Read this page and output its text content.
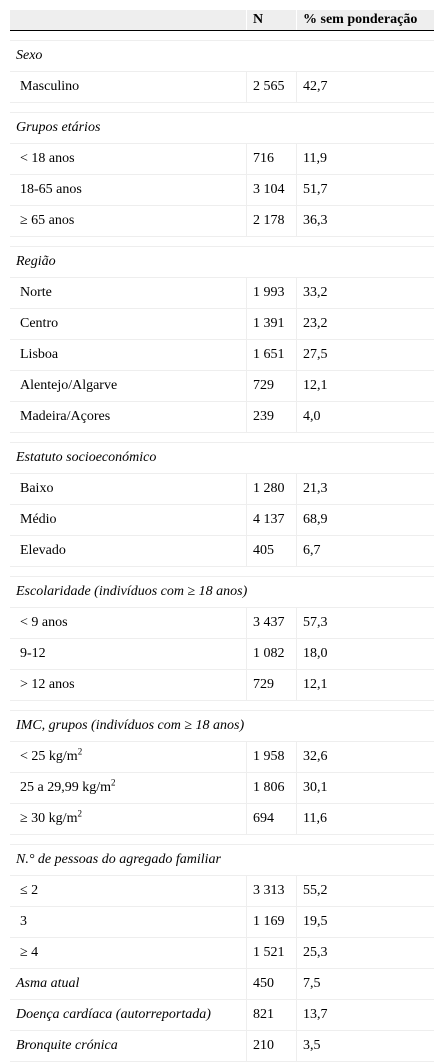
N	% sem ponderação
Sexo
Masculino	2 565 42,7
Grupos etários
< 18 anos	716 11,9
18-65 anos	3 104 51,7
≥ 65 anos	2 178 36,3
Região
Norte	1 993 33,2
Centro	1 391 23,2
Lisboa	1 651 27,5
Alentejo/Algarve	729 12,1
Madeira/Açores	239 4,0
Estatuto socioeconómico
Baixo	1 280 21,3
Médio	4 137 68,9
Elevado	405 6,7
Escolaridade (indivíduos com ≥ 18 anos)
< 9 anos	3 437 57,3
9-12	1 082 18,0
> 12 anos	729 12,1
IMC, grupos (indivíduos com ≥ 18 anos)
< 25 $kg/m^2$	1 958 32,6
25 a 29,99 $kg/m^2$	1 806 30,1
≥ 30 $kg/m^2$	694 11,6
N.° de pessoas do agregado familiar
≤ 2	3 313 55,2
3	1 169 19,5
≥ 4	1 521 25,3
Asma atual	450 7,5
Doença cardíaca (autorreportada)	821 13,7
Bronquite crónica	210 3,5
